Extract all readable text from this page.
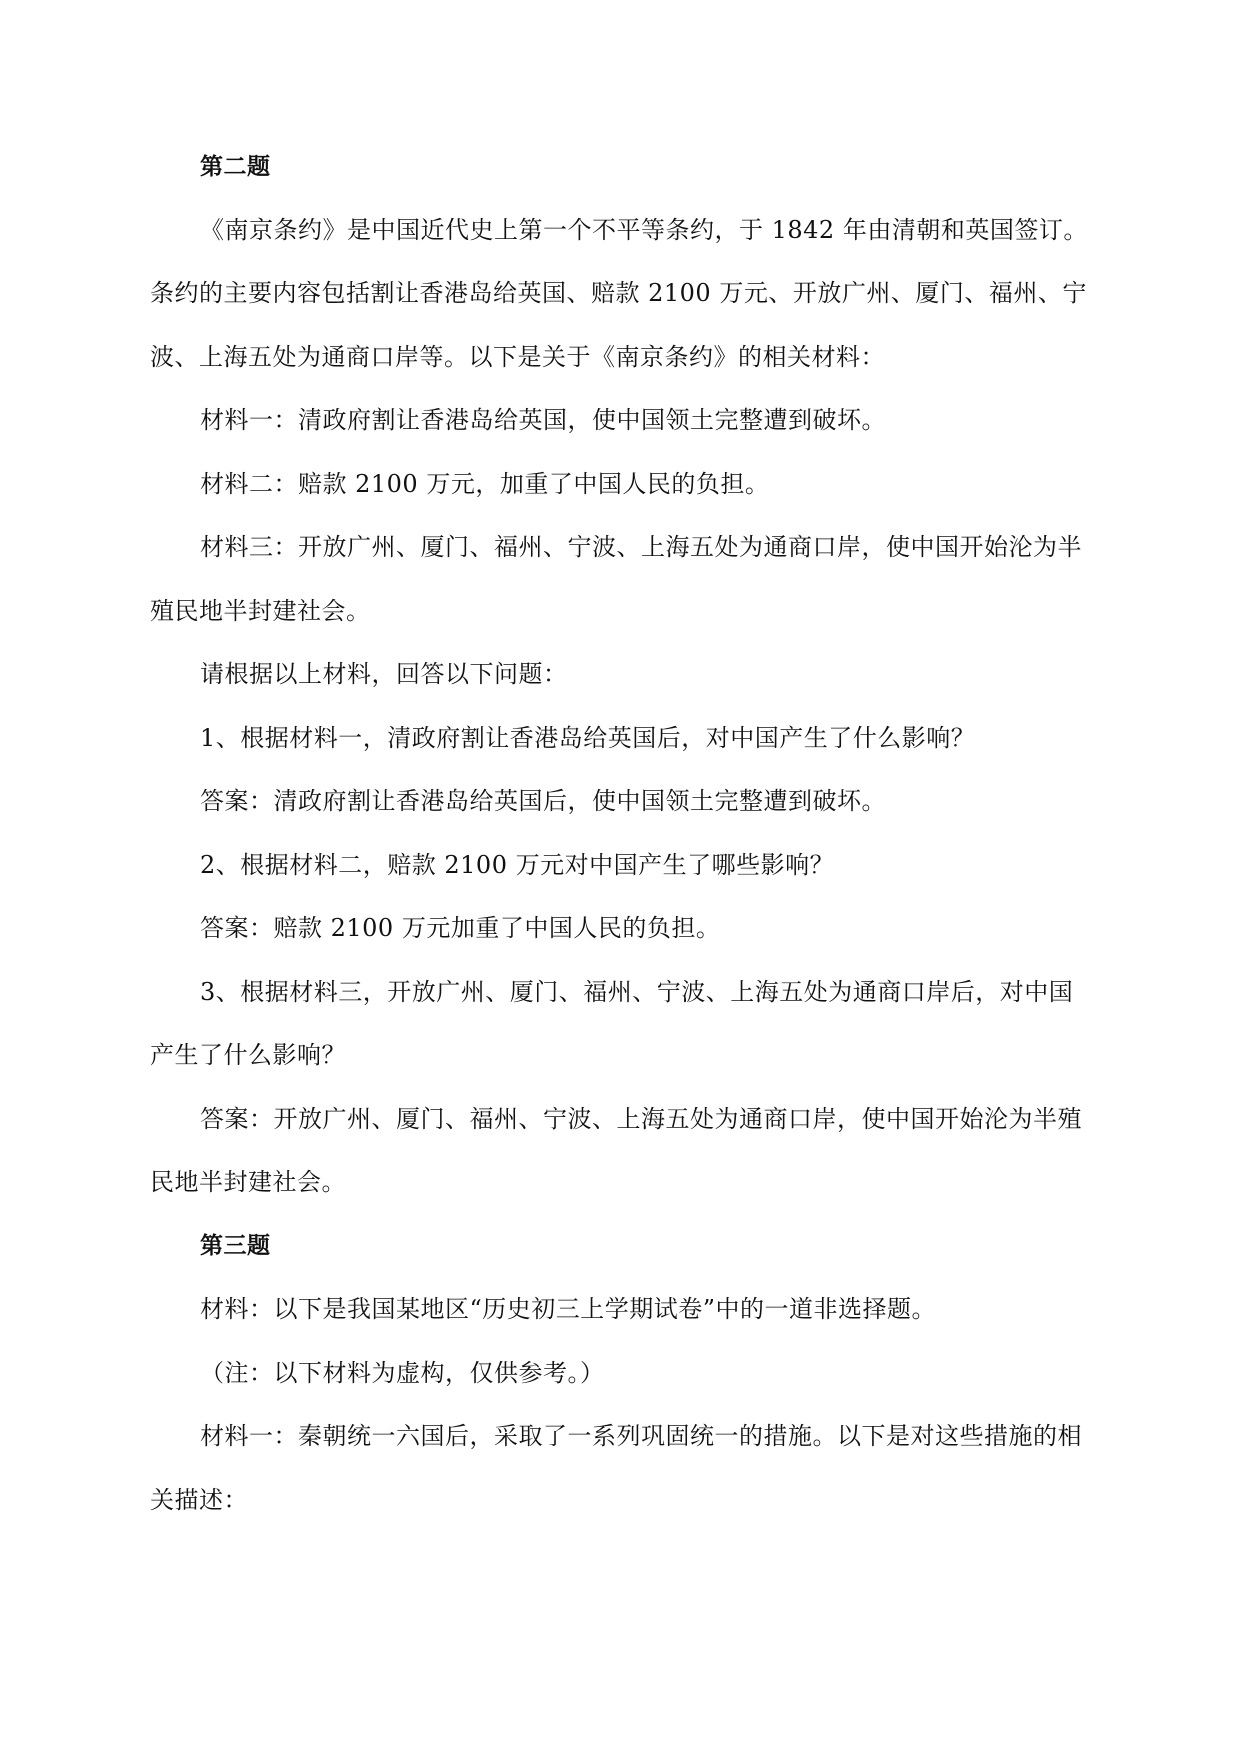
第二题
《南京条约》是中国近代史上第一个不平等条约，于 1842 年由清朝和英国签订。
条约的主要内容包括割让香港岛给英国、赔款 2100 万元、开放广州、厦门、福州、宁
波、上海五处为通商口岸等。以下是关于《南京条约》的相关材料：
材料一：清政府割让香港岛给英国，使中国领土完整遭到破坏。
材料二：赔款 2100 万元，加重了中国人民的负担。
材料三：开放广州、厦门、福州、宁波、上海五处为通商口岸，使中国开始沦为半
殖民地半封建社会。
请根据以上材料，回答以下问题：
1、根据材料一，清政府割让香港岛给英国后，对中国产生了什么影响？
答案：清政府割让香港岛给英国后，使中国领土完整遭到破坏。
2、根据材料二，赔款 2100 万元对中国产生了哪些影响？
答案：赔款 2100 万元加重了中国人民的负担。
3、根据材料三，开放广州、厦门、福州、宁波、上海五处为通商口岸后，对中国
产生了什么影响？
答案：开放广州、厦门、福州、宁波、上海五处为通商口岸，使中国开始沦为半殖
民地半封建社会。
第三题
材料：以下是我国某地区“历史初三上学期试卷”中的一道非选择题。
（注：以下材料为虚构，仅供参考。）
材料一：秦朝统一六国后，采取了一系列巩固统一的措施。以下是对这些措施的相
关描述：
